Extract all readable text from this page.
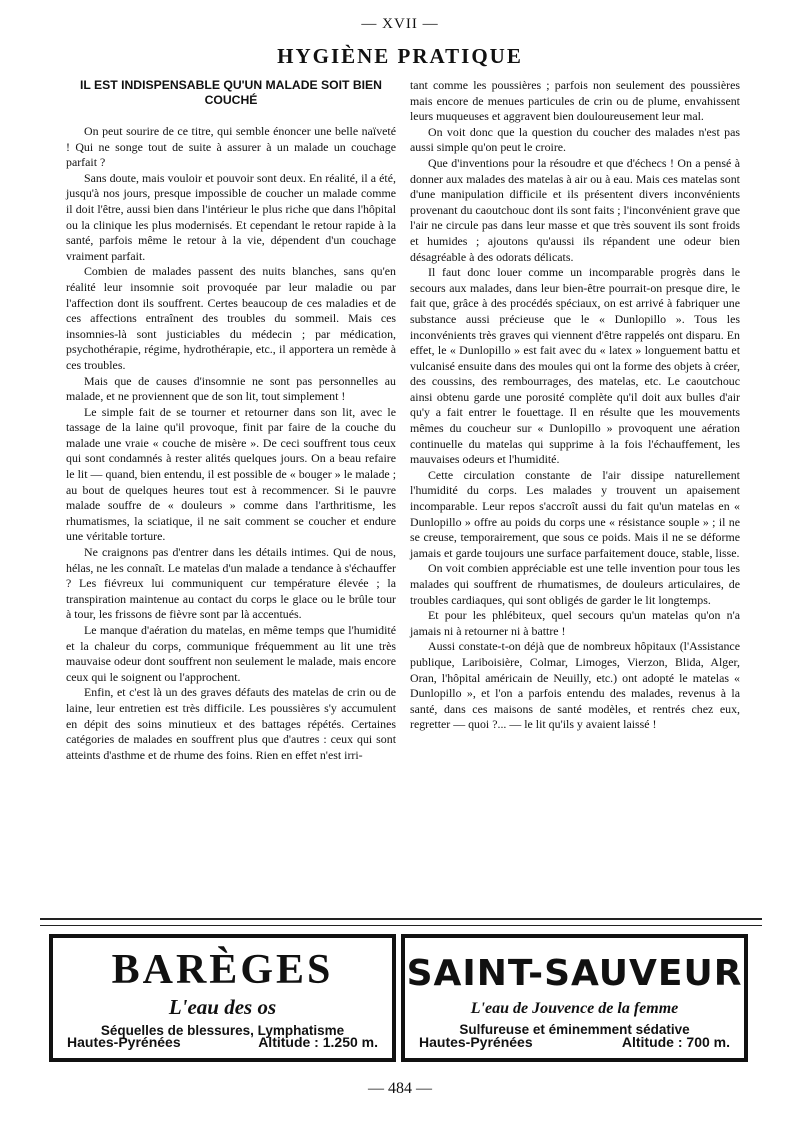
— XVII —
HYGIÈNE PRATIQUE
IL EST INDISPENSABLE QU'UN MALADE SOIT BIEN COUCHÉ

On peut sourire de ce titre, qui semble énoncer une belle naïveté ! Qui ne songe tout de suite à assurer à un malade un couchage parfait ?

Sans doute, mais vouloir et pouvoir sont deux. En réalité, il a été, jusqu'à nos jours, presque impossible de coucher un malade comme il doit l'être, aussi bien dans l'intérieur le plus riche que dans l'hôpital ou la clinique les plus modernisés. Et cependant le retour rapide à la santé, parfois même le retour à la vie, dépendent d'un couchage vraiment parfait.

Combien de malades passent des nuits blanches, sans qu'en réalité leur insomnie soit provoquée par leur maladie ou par l'affection dont ils souffrent. Certes beaucoup de ces maladies et de ces affections entraînent des troubles du sommeil. Mais ces insomnies-là sont justiciables du médecin ; par médication, psychothérapie, régime, hydrothérapie, etc., il apportera un remède à ces troubles.

Mais que de causes d'insomnie ne sont pas personnelles au malade, et ne proviennent que de son lit, tout simplement !

Le simple fait de se tourner et retourner dans son lit, avec le tassage de la laine qu'il provoque, finit par faire de la couche du malade une vraie « couche de misère ». De ceci souffrent tous ceux qui sont condamnés à rester alités quelques jours. On a beau refaire le lit — quand, bien entendu, il est possible de « bouger » le malade ; au bout de quelques heures tout est à recommencer. Si le pauvre malade souffre de « douleurs » comme dans l'arthritisme, les rhumatismes, la sciatique, il ne sait comment se coucher et endure une véritable torture.

Ne craignons pas d'entrer dans les détails intimes. Qui de nous, hélas, ne les connaît. Le matelas d'un malade a tendance à s'échauffer ? Les fiévreux lui communiquent cur température élevée ; la transpiration maintenue au contact du corps le glace ou le brûle tour à tour, les frissons de fièvre sont par là accentués.

Le manque d'aération du matelas, en même temps que l'humidité et la chaleur du corps, communique fréquemment au lit une très mauvaise odeur dont souffrent non seulement le malade, mais encore ceux qui le soignent ou l'approchent.

Enfin, et c'est là un des graves défauts des matelas de crin ou de laine, leur entretien est très difficile. Les poussières s'y accumulent en dépit des soins minutieux et des battages répétés. Certaines catégories de malades en souffrent plus que d'autres : ceux qui sont atteints d'asthme et de rhume des foins. Rien en effet n'est irri-

tant comme les poussières ; parfois non seulement des poussières mais encore de menues particules de crin ou de plume, envahissent leurs muqueuses et aggravent bien douloureusement leur mal.

On voit donc que la question du coucher des malades n'est pas aussi simple qu'on peut le croire.

Que d'inventions pour la résoudre et que d'échecs ! On a pensé à donner aux malades des matelas à air ou à eau. Mais ces matelas sont d'une manipulation difficile et ils présentent divers inconvénients provenant du caoutchouc dont ils sont faits ; l'inconvénient grave que l'air ne circule pas dans leur masse et que très souvent ils sont froids et humides ; ajoutons qu'aussi ils répandent une odeur bien désagréable à des odorats délicats.

Il faut donc louer comme un incomparable progrès dans le secours aux malades, dans leur bien-être pourrait-on presque dire, le fait que, grâce à des procédés spéciaux, on est arrivé à fabriquer une substance aussi précieuse que le « Dunlopillo ». Tous les inconvénients très graves qui viennent d'être rappelés ont disparu. En effet, le « Dunlopillo » est fait avec du « latex » longuement battu et vulcanisé ensuite dans des moules qui ont la forme des objets à créer, des coussins, des rembourrages, des matelas, etc. Le caoutchouc ainsi obtenu garde une porosité complète qu'il doit aux bulles d'air qu'y a fait entrer le fouettage. Il en résulte que les mouvements mêmes du coucheur sur « Dunlopillo » provoquent une aération continuelle du matelas qui supprime à la fois l'échauffement, les mauvaises odeurs et l'humidité.

Cette circulation constante de l'air dissipe naturellement l'humidité du corps. Les malades y trouvent un apaisement incomparable. Leur repos s'accroît aussi du fait qu'un matelas en « Dunlopillo » offre au poids du corps une « résistance souple » ; il ne se creuse, temporairement, que sous ce poids. Mais il ne se déforme jamais et garde toujours une surface parfaitement douce, stable, lisse.

On voit combien appréciable est une telle invention pour tous les malades qui souffrent de rhumatismes, de douleurs articulaires, de troubles cardiaques, qui sont obligés de garder le lit longtemps.

Et pour les phlébiteux, quel secours qu'un matelas qu'on n'a jamais ni à retourner ni à battre !

Aussi constate-t-on déjà que de nombreux hôpitaux (l'Assistance publique, Lariboisière, Colmar, Limoges, Vierzon, Blida, Alger, Oran, l'hôpital américain de Neuilly, etc.) ont adopté le matelas « Dunlopillo », et l'on a parfois entendu des malades, revenus à la santé, dans ces maisons de santé modèles, et rentrés chez eux, regretter — quoi ?... — le lit qu'ils y avaient laissé !

BARÈGES
L'eau des os
Séquelles de blessures, Lymphatisme
Hautes-Pyrénées	Altitude : 1.250 m.
SAINT-SAUVEUR
L'eau de Jouvence de la femme
Sulfureuse et éminemment sédative
Hautes-Pyrénées	Altitude : 700 m.
— 484 —
